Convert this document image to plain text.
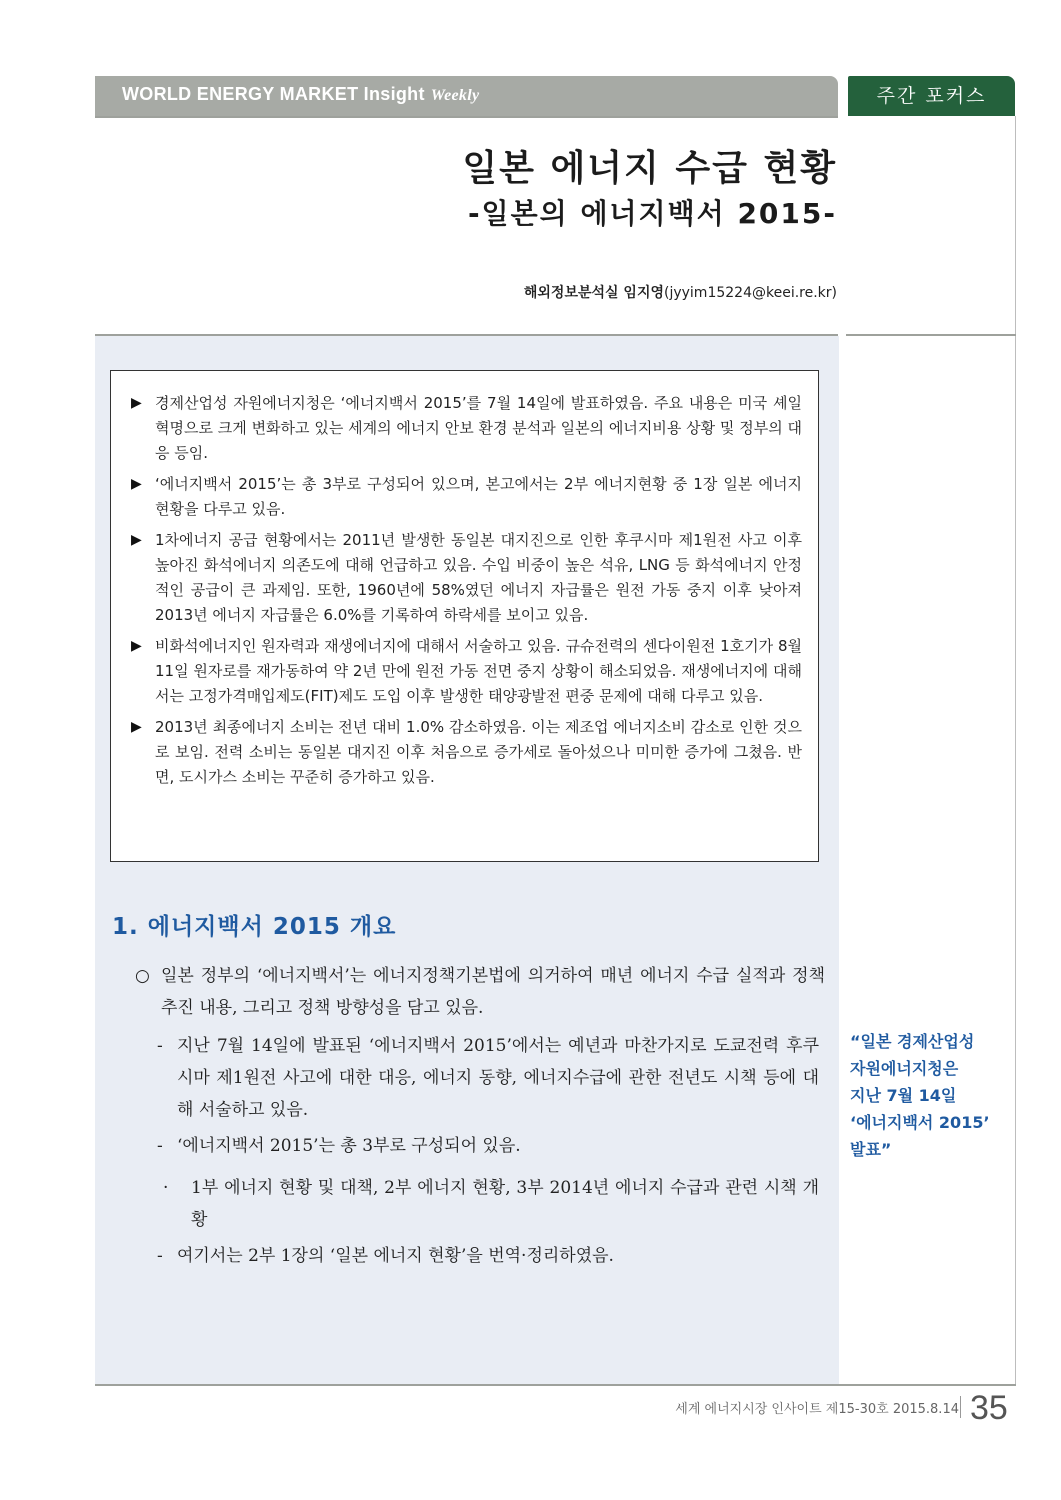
WORLD ENERGY MARKET Insight Weekly	주간 포커스
일본 에너지 수급 현황
-일본의 에너지백서 2015-
해외정보분석실 임지영(jyyim15224@keei.re.kr)
▶ 경제산업성 자원에너지청은 ‘에너지백서 2015’를 7월 14일에 발표하였음. 주요 내용은 미국 셰일 혁명으로 크게 변화하고 있는 세계의 에너지 안보 환경 분석과 일본의 에너지비용 상황 및 정부의 대응 등임.
▶ ‘에너지백서 2015’는 총 3부로 구성되어 있으며, 본고에서는 2부 에너지현황 중 1장 일본 에너지 현황을 다루고 있음.
▶ 1차에너지 공급 현황에서는 2011년 발생한 동일본 대지진으로 인한 후쿠시마 제1원전 사고 이후 높아진 화석에너지 의존도에 대해 언급하고 있음. 수입 비중이 높은 석유, LNG 등 화석에너지 안정적인 공급이 큰 과제임. 또한, 1960년에 58%였던 에너지 자급률은 원전 가동 중지 이후 낮아져 2013년 에너지 자급률은 6.0%를 기록하여 하락세를 보이고 있음.
▶ 비화석에너지인 원자력과 재생에너지에 대해서 서술하고 있음. 규슈전력의 센다이원전 1호기가 8월 11일 원자로를 재가동하여 약 2년 만에 원전 가동 전면 중지 상황이 해소되었음. 재생에너지에 대해서는 고정가격매입제도(FIT)제도 도입 이후 발생한 태양광발전 편중 문제에 대해 다루고 있음.
▶ 2013년 최종에너지 소비는 전년 대비 1.0% 감소하였음. 이는 제조업 에너지소비 감소로 인한 것으로 보임. 전력 소비는 동일본 대지진 이후 처음으로 증가세로 돌아섰으나 미미한 증가에 그쳤음. 반면, 도시가스 소비는 꾸준히 증가하고 있음.
1. 에너지백서 2015 개요
○ 일본 정부의 ‘에너지백서’는 에너지정책기본법에 의거하여 매년 에너지 수급 실적과 정책 추진 내용, 그리고 정책 방향성을 담고 있음.
- 지난 7월 14일에 발표된 ‘에너지백서 2015’에서는 예년과 마찬가지로 도쿄전력 후쿠시마 제1원전 사고에 대한 대응, 에너지 동향, 에너지수급에 관한 전년도 시책 등에 대해 서술하고 있음.
- ‘에너지백서 2015’는 총 3부로 구성되어 있음.
·	1부 에너지 현황 및 대책, 2부 에너지 현황, 3부 2014년 에너지 수급과 관련 시책 개황
- 여기서는 2부 1장의 ‘일본 에너지 현황’을 번역·정리하였음.
“일본 경제산업성
자원에너지청은
지난 7월 14일
‘에너지백서 2015’
발표”
세계 에너지시장 인사이트 제15-30호 2015.8.14 35
